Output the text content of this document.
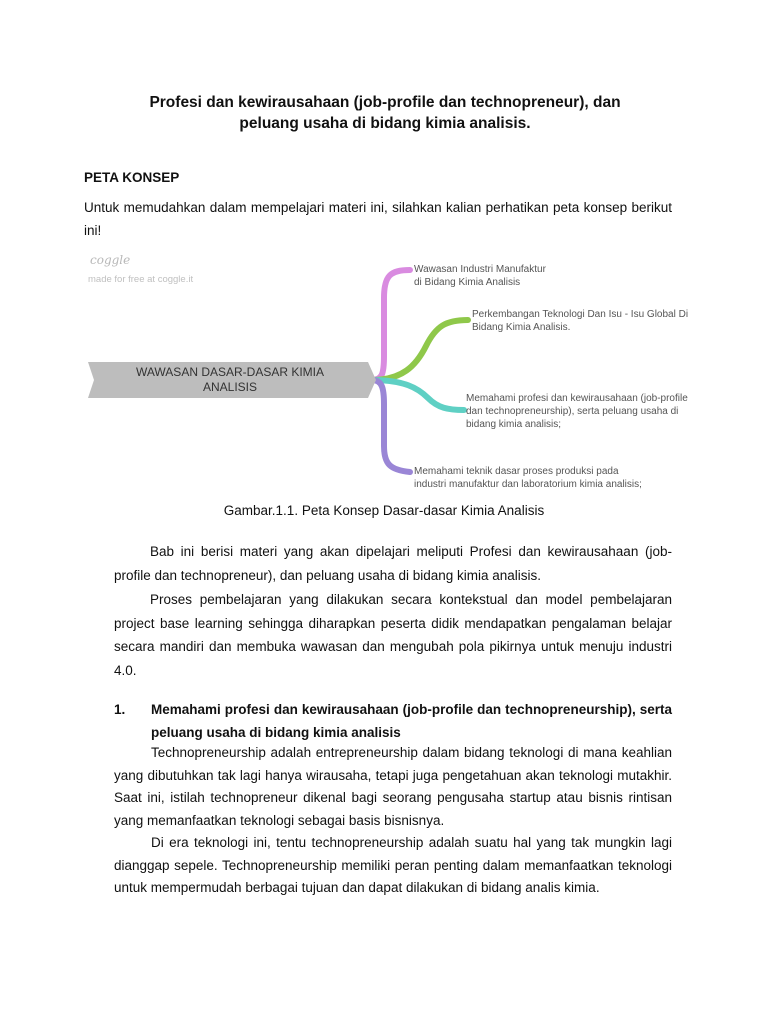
Profesi dan kewirausahaan (job-profile dan technopreneur), dan
peluang usaha di bidang kimia analisis.
PETA KONSEP
Untuk memudahkan dalam mempelajari materi ini, silahkan kalian perhatikan peta konsep berikut ini!
coggle
made for free at coggle.it
WAWASAN DASAR-DASAR KIMIA
ANALISIS
Wawasan Industri Manufaktur
di Bidang Kimia Analisis
Perkembangan Teknologi Dan Isu - Isu Global Di
Bidang Kimia Analisis.
Memahami profesi dan kewirausahaan (job-profile
dan technopreneurship), serta peluang usaha di
bidang kimia analisis;
Memahami teknik dasar proses produksi pada
industri manufaktur dan laboratorium kimia analisis;
Gambar.1.1. Peta Konsep Dasar-dasar Kimia Analisis
Bab ini berisi materi yang akan dipelajari meliputi Profesi dan kewirausahaan (job-profile dan technopreneur), dan peluang usaha di bidang kimia analisis.
Proses pembelajaran yang dilakukan secara kontekstual dan model pembelajaran project base learning sehingga diharapkan peserta didik mendapatkan pengalaman belajar secara mandiri dan membuka wawasan dan mengubah pola pikirnya untuk menuju industri 4.0.
1. Memahami profesi dan kewirausahaan (job-profile dan technopreneurship), serta peluang usaha di bidang kimia analisis

Technopreneurship adalah entrepreneurship dalam bidang teknologi di mana keahlian yang dibutuhkan tak lagi hanya wirausaha, tetapi juga pengetahuan akan teknologi mutakhir. Saat ini, istilah technopreneur dikenal bagi seorang pengusaha startup atau bisnis rintisan yang memanfaatkan teknologi sebagai basis bisnisnya.

Di era teknologi ini, tentu technopreneurship adalah suatu hal yang tak mungkin lagi dianggap sepele. Technopreneurship memiliki peran penting dalam memanfaatkan teknologi untuk mempermudah berbagai tujuan dan dapat dilakukan di bidang analis kimia.
